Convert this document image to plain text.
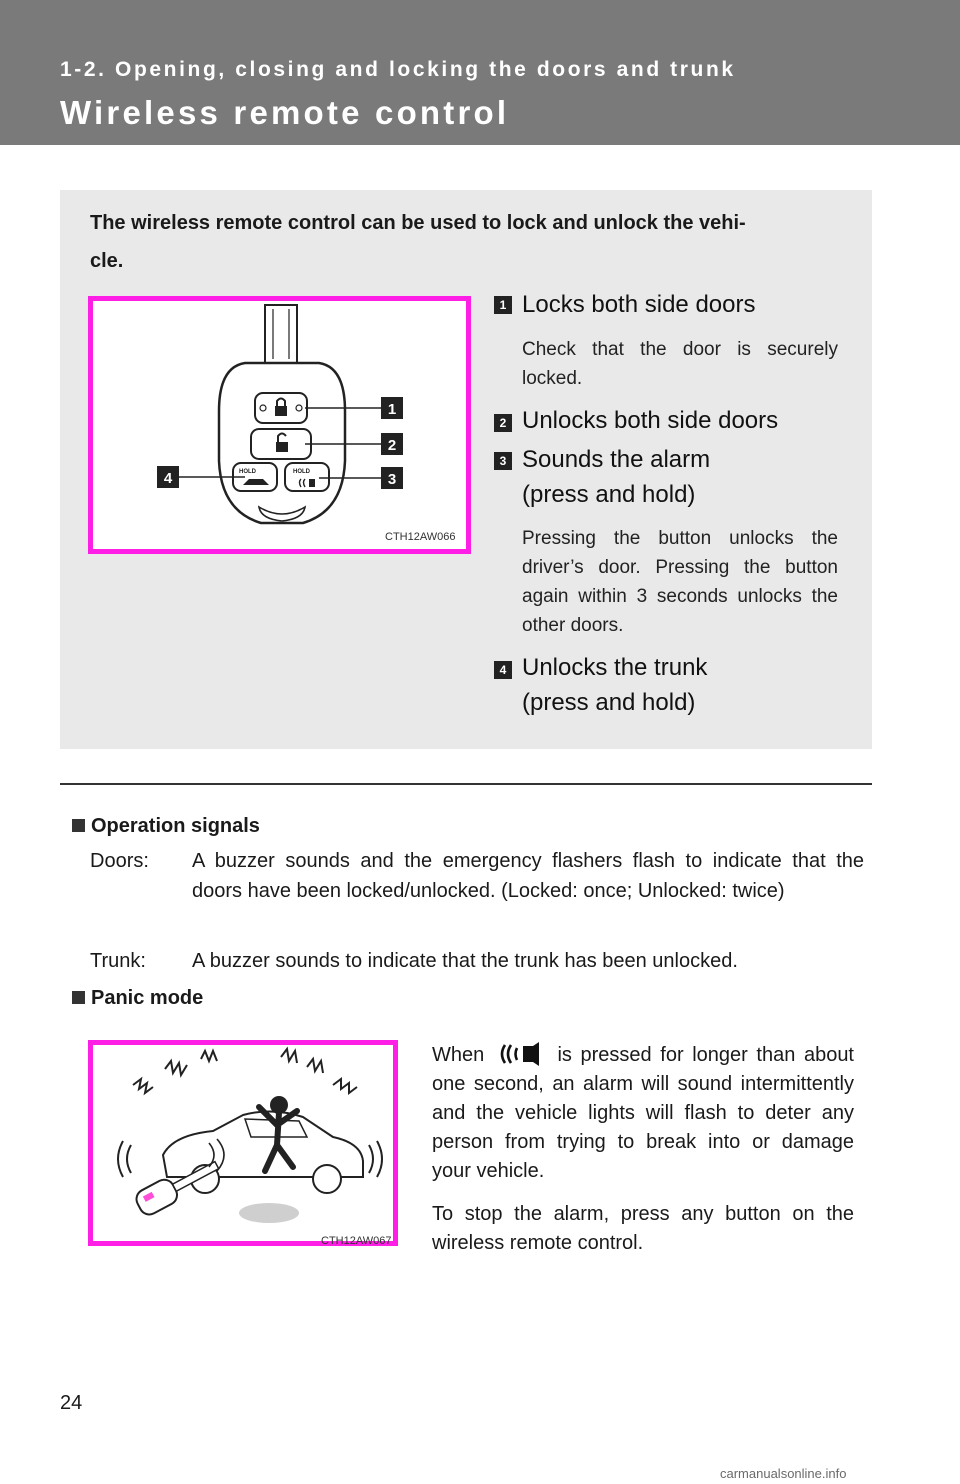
1-2. Opening, closing and locking the doors and trunk
Wireless remote control
The wireless remote control can be used to lock and unlock the vehi-
cle.
HOLD	HOLD
1
2
3
4
CTH12AW066
1 Locks both side doors
Check that the door is securely locked.
2 Unlocks both side doors
3 Sounds the alarm
(press and hold)
Pressing the button unlocks the driver’s door. Pressing the button again within 3 seconds unlocks the other doors.
4 Unlocks the trunk
(press and hold)
Operation signals
Doors: A buzzer sounds and the emergency flashers flash to indicate that the doors have been locked/unlocked. (Locked: once; Unlocked: twice)
Trunk: A buzzer sounds to indicate that the trunk has been unlocked.
Panic mode
CTH12AW067
When	is pressed for longer than about one second, an alarm will sound intermittently and the vehicle lights will flash to deter any person from trying to break into or damage your vehicle.
To stop the alarm, press any button on the wireless remote control.
24
carmanualsonline.info
